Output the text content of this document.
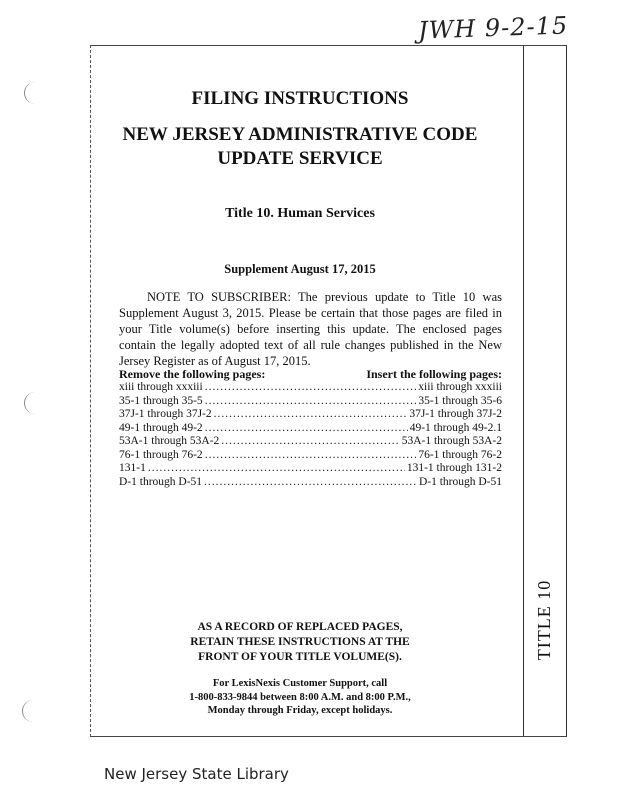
JWH 9-2-15
TITLE 10
FILING INSTRUCTIONS
NEW JERSEY ADMINISTRATIVE CODE
UPDATE SERVICE
Title 10. Human Services
Supplement August 17, 2015

NOTE TO SUBSCRIBER: The previous update to Title 10 was Supplement August 3, 2015. Please be certain that those pages are filed in your Title volume(s) before inserting this update. The enclosed pages contain the legally adopted text of all rule changes published in the New Jersey Register as of August 17, 2015.

Remove the following pages:	Insert the following pages:
xiii through xxxiii .....	xiii through xxxiii
35-1 through 35-5 .....	35-1 through 35-6
37J-1 through 37J-2 .....	37J-1 through 37J-2
49-1 through 49-2 .....	49-1 through 49-2.1
53A-1 through 53A-2 .....	53A-1 through 53A-2
76-1 through 76-2 .....	76-1 through 76-2
131-1 .....	131-1 through 131-2
D-1 through D-51 .....	D-1 through D-51
AS A RECORD OF REPLACED PAGES,
RETAIN THESE INSTRUCTIONS AT THE
FRONT OF YOUR TITLE VOLUME(S).
For LexisNexis Customer Support, call
1-800-833-9844 between 8:00 A.M. and 8:00 P.M.,
Monday through Friday, except holidays.
New Jersey State Library
